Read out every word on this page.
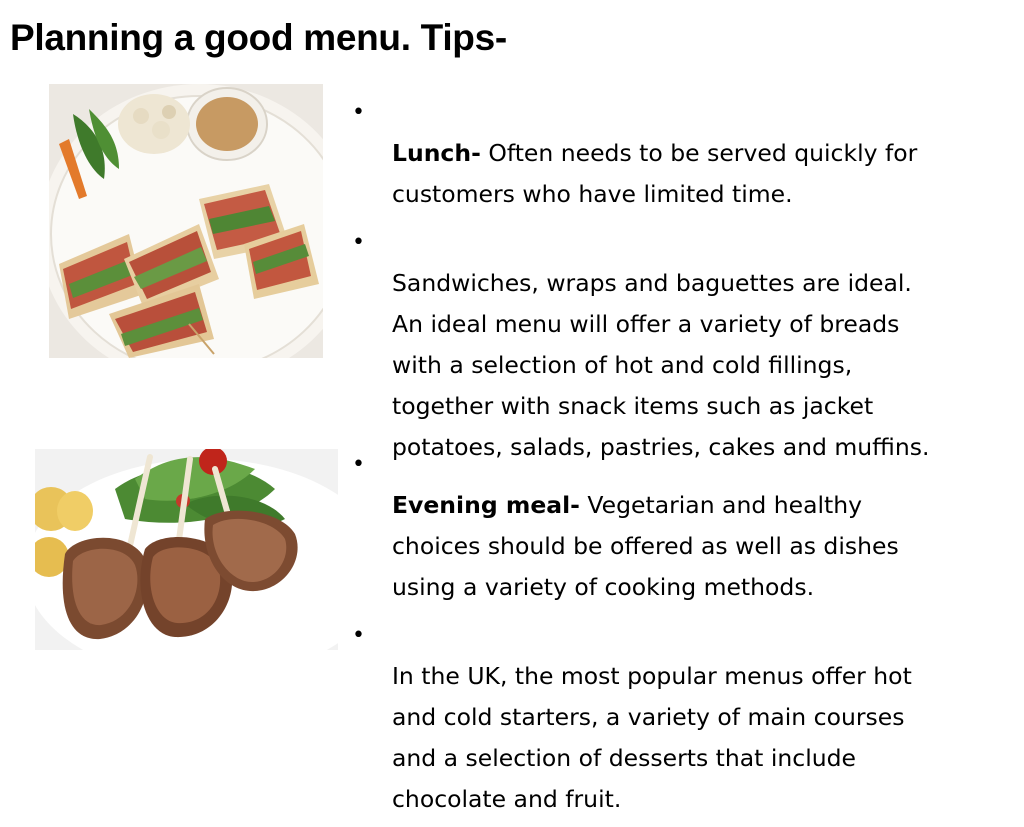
Planning a good menu. Tips-

•
Lunch- Often needs to be served quickly for
customers who have limited time.

•
Sandwiches, wraps and baguettes are ideal.
An ideal menu will offer a variety of breads
with a selection of hot and cold fillings,
together with snack items such as jacket
potatoes, salads, pastries, cakes and muffins.

•
Evening meal- Vegetarian and healthy
choices should be offered as well as dishes
using a variety of cooking methods.

•
In the UK, the most popular menus offer hot
and cold starters, a variety of main courses
and a selection of desserts that include
chocolate and fruit.
